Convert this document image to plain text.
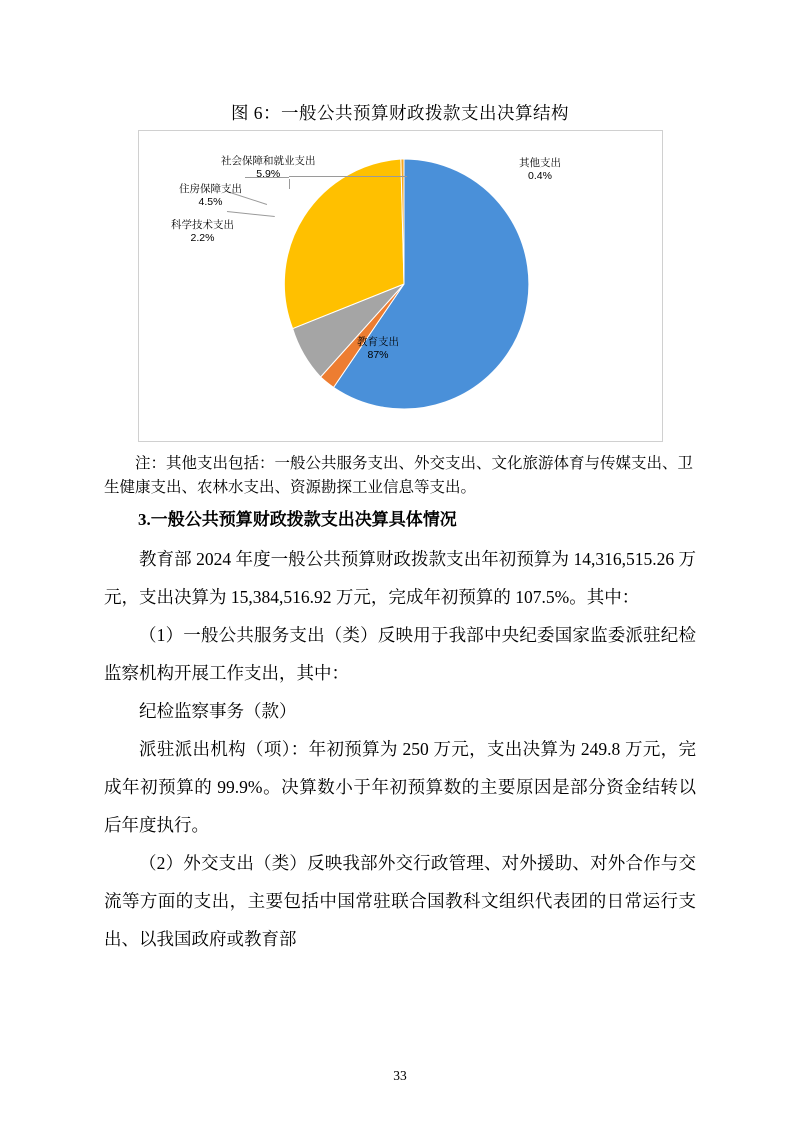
图 6：一般公共预算财政拨款支出决算结构
其他支出
0.4%
社会保障和就业支出
5.9%
住房保障支出
4.5%
科学技术支出
2.2%
教育支出
87%
注：其他支出包括：一般公共服务支出、外交支出、文化旅游体育与传媒支出、卫生健康支出、农林水支出、资源勘探工业信息等支出。
3.一般公共预算财政拨款支出决算具体情况

教育部 2024 年度一般公共预算财政拨款支出年初预算为 14,316,515.26 万元，支出决算为 15,384,516.92 万元，完成年初预算的 107.5%。其中：

（1）一般公共服务支出（类）反映用于我部中央纪委国家监委派驻纪检监察机构开展工作支出，其中：

纪检监察事务（款）

派驻派出机构（项）：年初预算为 250 万元，支出决算为 249.8 万元，完成年初预算的 99.9%。决算数小于年初预算数的主要原因是部分资金结转以后年度执行。

（2）外交支出（类）反映我部外交行政管理、对外援助、对外合作与交流等方面的支出，主要包括中国常驻联合国教科文组织代表团的日常运行支出、以我国政府或教育部

33
